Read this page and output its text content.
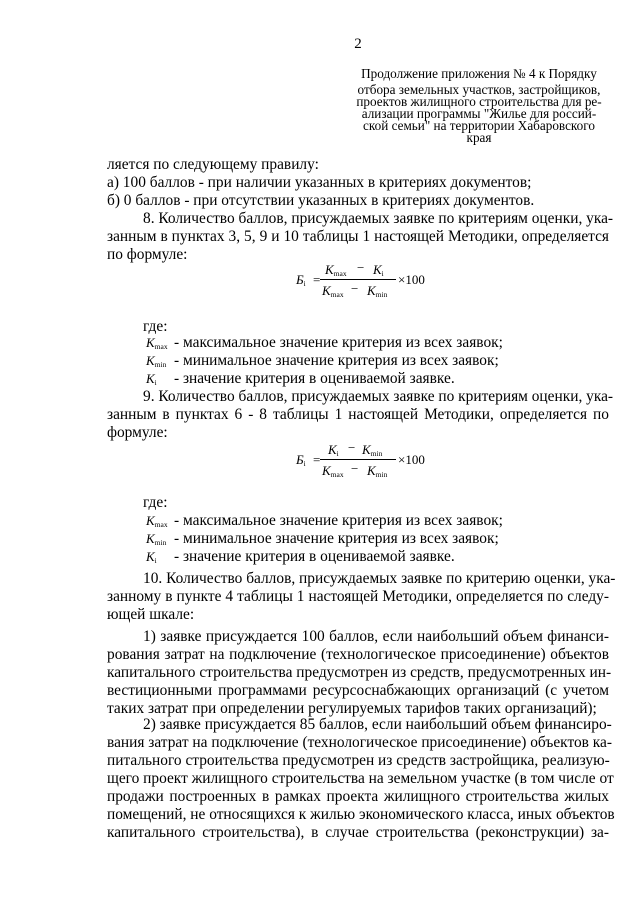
2
Продолжение приложения № 4 к Порядку
отбора земельных участков, застройщиков,
проектов жилищного строительства для ре-
ализации программы "Жилье для россий-
ской семьи" на территории Хабаровского
края
ляется по следующему правилу:
а) 100 баллов - при наличии указанных в критериях документов;
б) 0 баллов - при отсутствии указанных в критериях документов.
8. Количество баллов, присуждаемых заявке по критериям оценки, ука-
занным в пунктах 3, 5, 9 и 10 таблицы 1 настоящей Методики, определяется
по формуле:
$Б_i$ =
$K_{max} - K_i$
$K_{max} - K_{min}$
×100
где:
$K_{max}$ - максимальное значение критерия из всех заявок;
$K_{min}$ - минимальное значение критерия из всех заявок;
$K_i$ - значение критерия в оцениваемой заявке.
9. Количество баллов, присуждаемых заявке по критериям оценки, ука-
занным в пунктах 6 - 8 таблицы 1 настоящей Методики, определяется по
формуле:
$Б_i$ =
$K_i - K_{min}$
$K_{max} - K_{min}$
×100
где:
$K_{max}$ - максимальное значение критерия из всех заявок;
$K_{min}$ - минимальное значение критерия из всех заявок;
$K_i$ - значение критерия в оцениваемой заявке.
10. Количество баллов, присуждаемых заявке по критерию оценки, ука-
занному в пункте 4 таблицы 1 настоящей Методики, определяется по следу-
ющей шкале:
1) заявке присуждается 100 баллов, если наибольший объем финанси-
рования затрат на подключение (технологическое присоединение) объектов
капитального строительства предусмотрен из средств, предусмотренных ин-
вестиционными программами ресурсоснабжающих организаций (с учетом
таких затрат при определении регулируемых тарифов таких организаций);
2) заявке присуждается 85 баллов, если наибольший объем финансиро-
вания затрат на подключение (технологическое присоединение) объектов ка-
питального строительства предусмотрен из средств застройщика, реализую-
щего проект жилищного строительства на земельном участке (в том числе от
продажи построенных в рамках проекта жилищного строительства жилых
помещений, не относящихся к жилью экономического класса, иных объектов
капитального строительства), в случае строительства (реконструкции) за-
